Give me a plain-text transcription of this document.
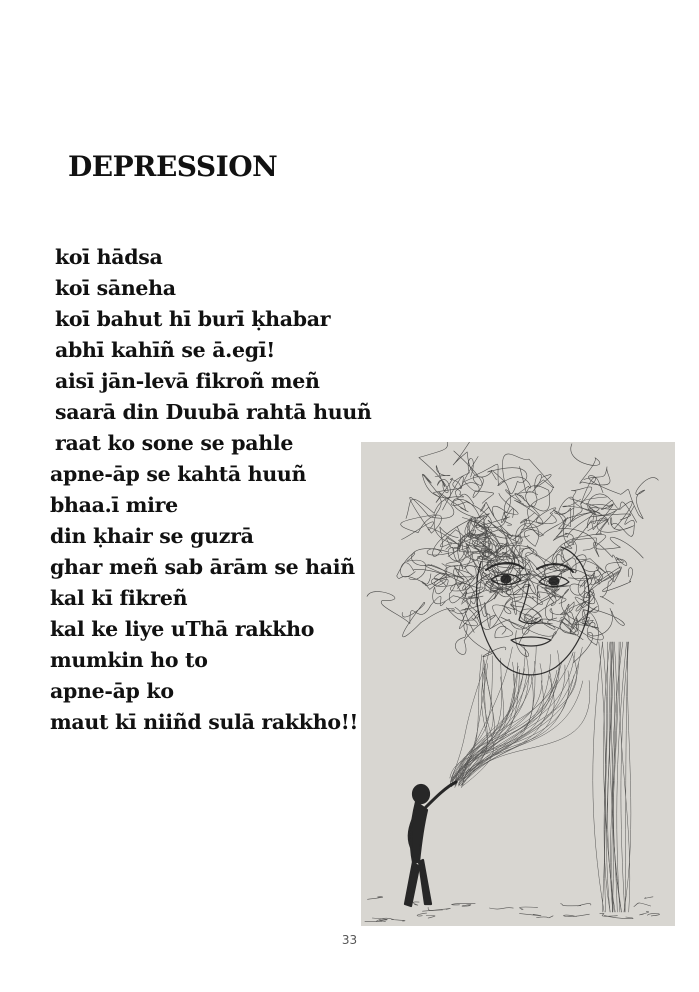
DEPRESSION
koī hādsa
koī sāneha
koī bahut hī burī ḳhabar
abhī kahīñ se ā.egī!
aisī jān-levā fikroñ meñ
saarā din Duubā rahtā huuñ
raat ko sone se pahle
apne-āp se kahtā huuñ
bhaa.ī mire
din ḳhair se guzrā
ghar meñ sab ārām se haiñ
kal kī fikreñ
kal ke liye uThā rakkho
mumkin ho to
apne-āp ko
maut kī niiñd sulā rakkho!!
33
